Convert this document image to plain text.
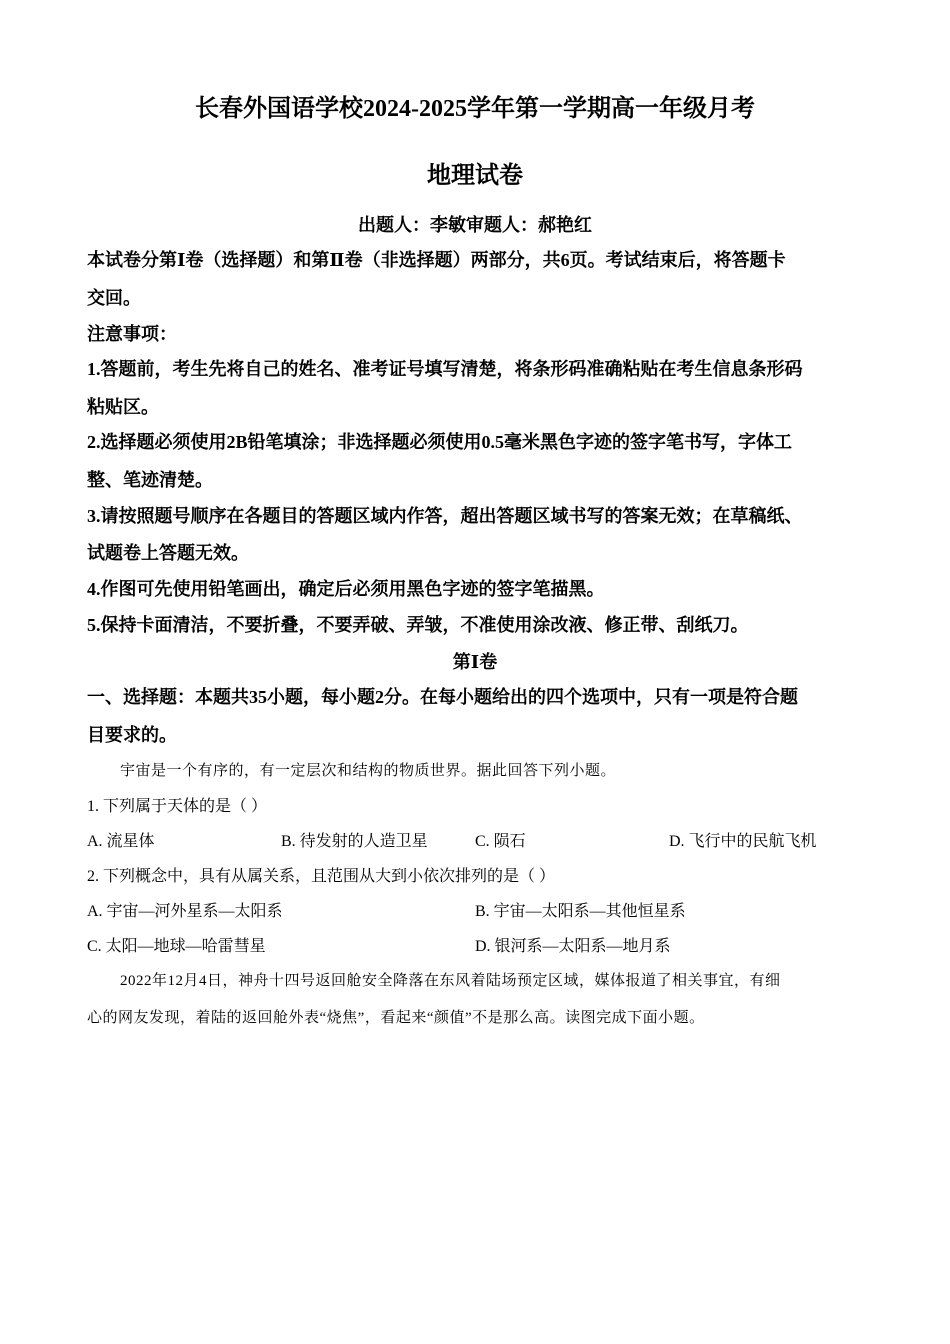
长春外国语学校2024-2025学年第一学期高一年级月考
地理试卷
出题人：李敏审题人：郝艳红
本试卷分第Ⅰ卷（选择题）和第Ⅱ卷（非选择题）两部分，共6页。考试结束后，将答题卡
交回。
注意事项：
1.答题前，考生先将自己的姓名、准考证号填写清楚，将条形码准确粘贴在考生信息条形码
粘贴区。
2.选择题必须使用2B铅笔填涂；非选择题必须使用0.5毫米黑色字迹的签字笔书写，字体工
整、笔迹清楚。
3.请按照题号顺序在各题目的答题区域内作答，超出答题区域书写的答案无效；在草稿纸、
试题卷上答题无效。
4.作图可先使用铅笔画出，确定后必须用黑色字迹的签字笔描黑。
5.保持卡面清洁，不要折叠，不要弄破、弄皱，不准使用涂改液、修正带、刮纸刀。
第Ⅰ卷
一、选择题：本题共35小题，每小题2分。在每小题给出的四个选项中，只有一项是符合题
目要求的。
宇宙是一个有序的，有一定层次和结构的物质世界。据此回答下列小题。
1. 下列属于天体的是（ ）
A. 流星体	B. 待发射的人造卫星	C. 陨石	D. 飞行中的民航飞机
2. 下列概念中，具有从属关系，且范围从大到小依次排列的是（ ）
A. 宇宙—河外星系—太阳系	B. 宇宙—太阳系—其他恒星系
C. 太阳—地球—哈雷彗星	D. 银河系—太阳系—地月系
2022年12月4日，神舟十四号返回舱安全降落在东风着陆场预定区域，媒体报道了相关事宜，有细
心的网友发现，着陆的返回舱外表“烧焦”，看起来“颜值”不是那么高。读图完成下面小题。
